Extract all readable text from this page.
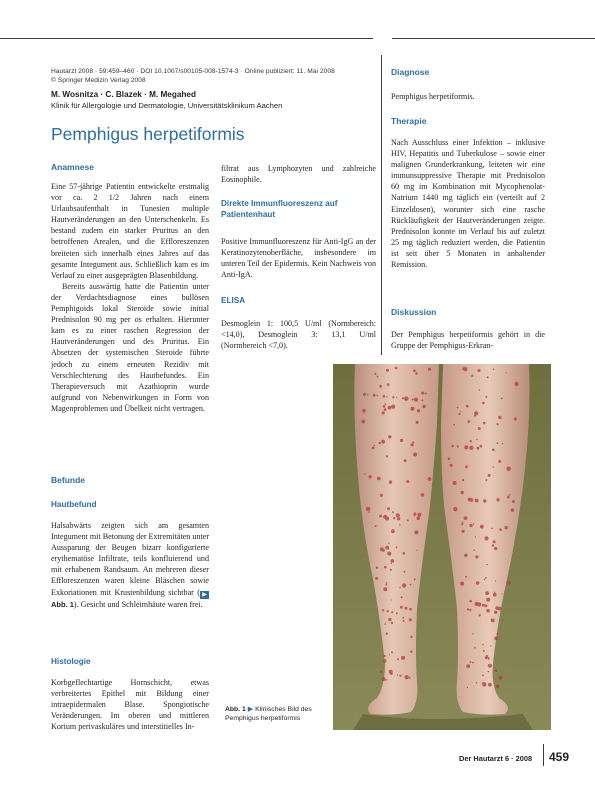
Hautarzt 2008 · 59:459–460 · DOI 10.1007/s00105-008-1574-3 · Online publiziert: 11. Mai 2008
© Springer Medizin Verlag 2008
M. Wosnitza · C. Blazek · M. Megahed
Klinik für Allergologie und Dermatologie, Universitätsklinikum Aachen
Pemphigus herpetiformis
Anamnese

Eine 57-jährige Patientin entwickelte erstmalig vor ca. 2 1/2 Jahren nach einem Urlaubsaufenthalt in Tunesien multiple Hautveränderungen an den Unterschenkeln. Es bestand zudem ein starker Pruritus an den betroffenen Arealen, und die Effloreszenzen breiteten sich innerhalb eines Jahres auf das gesamte Integument aus. Schließlich kam es im Verlauf zu einer ausgeprägten Blasenbildung.

Bereits auswärtig hatte die Patientin unter der Verdachtsdiagnose eines bullösen Pemphigoids lokal Steroide sowie initial Prednisolon 90 mg per os erhalten. Hierunter kam es zu einer raschen Regression der Hautveränderungen und des Pruritus. Ein Absetzen der systemischen Steroide führte jedoch zu einem erneuten Rezidiv mit Verschlechterung des Hautbefundes. Ein Therapieversuch mit Azathioprin wurde aufgrund von Nebenwirkungen in Form von Magenproblemen und Übelkeit nicht vertragen.

Befunde
Hautbefund

Halsabwärts zeigten sich am gesamten Integument mit Betonung der Extremitäten unter Aussparung der Beugen bizarr konfigurierte erythematöse Infiltrate, teils konfluierend und mit erhabenem Randsaum. An mehreren dieser Effloreszenzen waren kleine Bläschen sowie Exkoriationen mit Krustenbildung sichtbar ( ▶ Abb. 1). Gesicht und Schleimhäute waren frei.

Histologie

Korbgeflechtartige Hornschicht, etwas verbreitertes Epithel mit Bildung einer intraepidermalen Blase. Spongiotische Veränderungen. Im oberen und mittleren Korium perivaskuläres und interstitielles In-

filtrat aus Lymphozyten und zahlreiche Eosinophile.

Direkte Immunfluoreszenz auf Patientenhaut

Positive Immunfluoreszenz für Anti-IgG an der Keratinozytenoberfläche, insbesondere im unteren Teil der Epidermis. Kein Nachweis von Anti-IgA.

ELISA

Desmoglein 1: 100,5 U/ml (Normbereich: <14,0), Desmoglein 3: 13,1 U/ml (Normbereich <7,0).

Diagnose

Pemphigus herpetiformis.

Therapie

Nach Ausschluss einer Infektion – inklusive HIV, Hepatitis und Tuberkulose – sowie einer malignen Grunderkrankung, leiteten wir eine immunsuppressive Therapie mit Prednisolon 60 mg im Kombination mit Mycophenolat-Natrium 1440 mg täglich ein (verteilt auf 2 Einzeldosen), worunter sich eine rasche Rückläufigkeit der Hautveränderungen zeigte. Prednisolon konnte im Verlauf bis auf zuletzt 25 mg täglich reduziert werden, die Patientin ist seit über 5 Monaten in anhaltender Remission.

Diskussion

Der Pemphigus herpetiformis gehört in die Gruppe der Pemphigus-Erkran-

Abb. 1 ▶ Klinisches Bild des Pemphigus herpetiformis
Der Hautarzt 6 · 2008 459
